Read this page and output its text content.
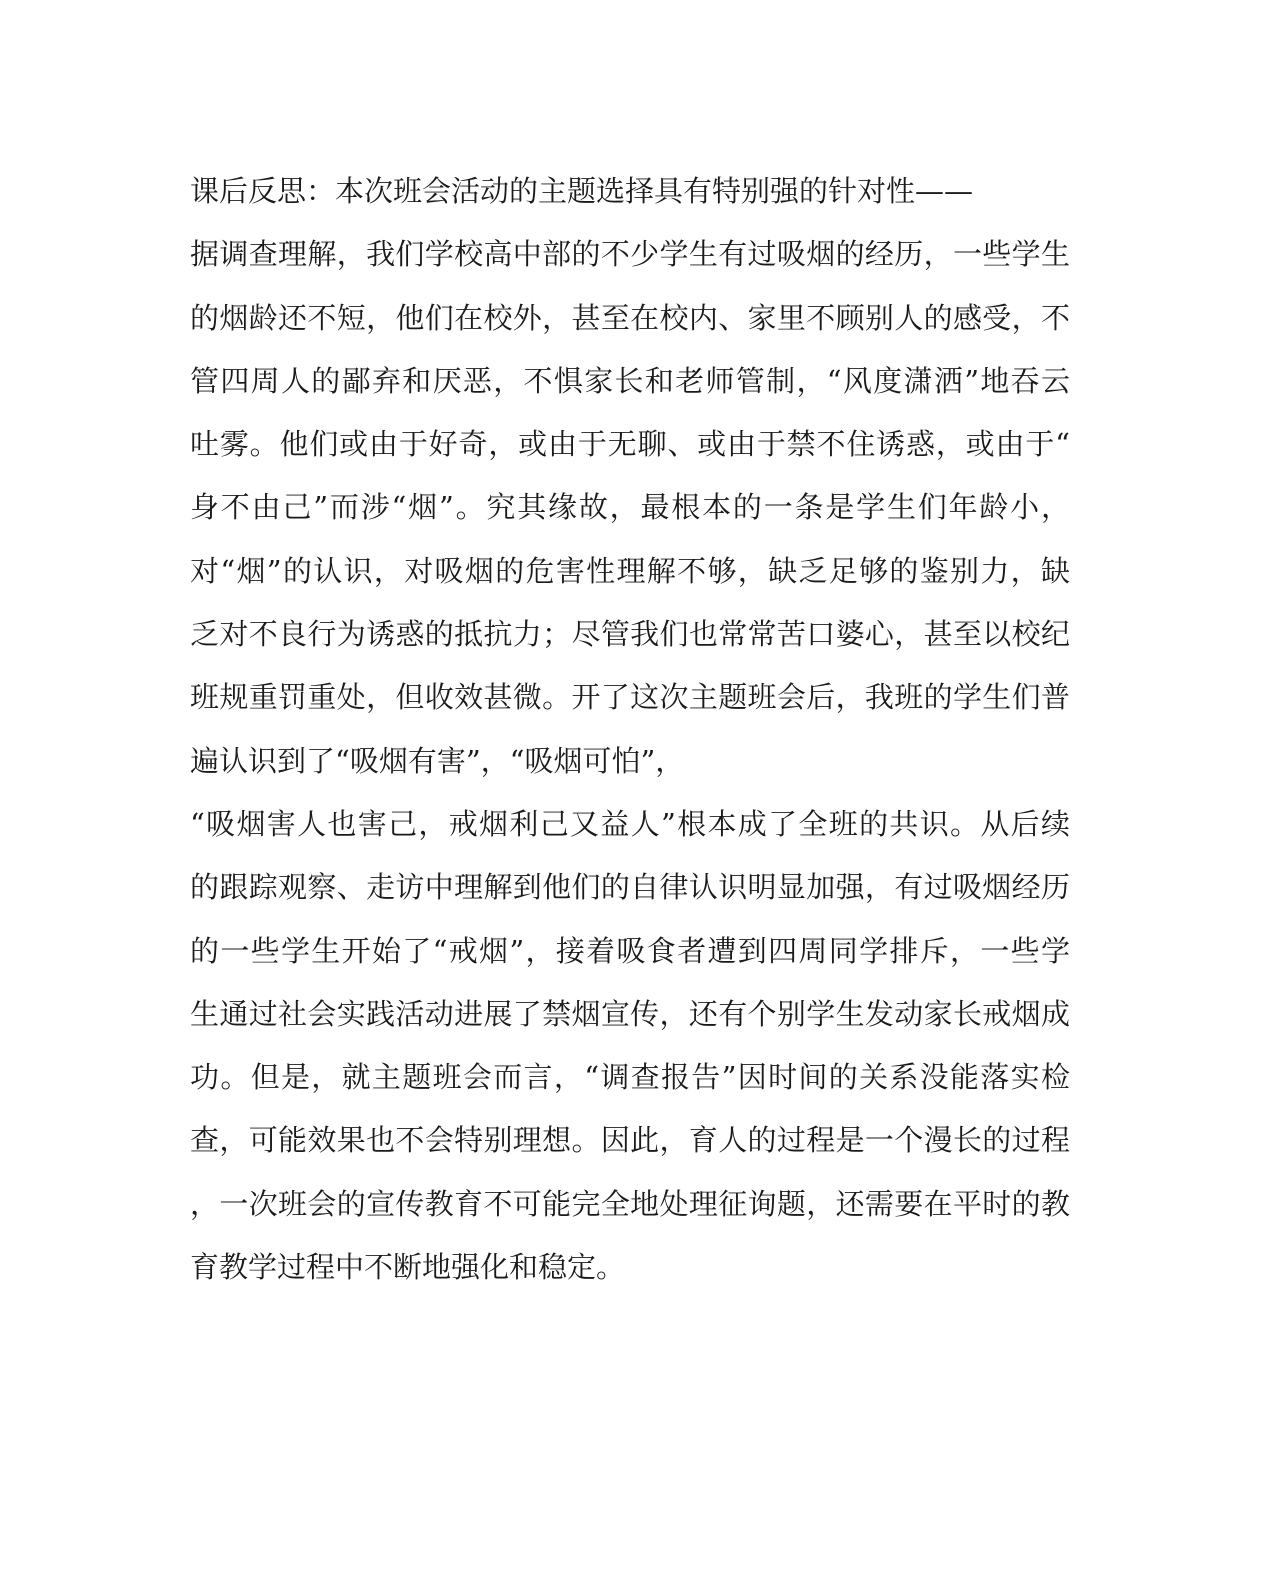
课后反思：本次班会活动的主题选择具有特别强的针对性——
据调查理解，我们学校高中部的不少学生有过吸烟的经历，一些学生
的烟龄还不短，他们在校外，甚至在校内、家里不顾别人的感受，不
管四周人的鄙弃和厌恶，不惧家长和老师管制，“风度潇洒”地吞云
吐雾。他们或由于好奇，或由于无聊、或由于禁不住诱惑，或由于“
身不由己”而涉“烟”。究其缘故，最根本的一条是学生们年龄小，
对“烟”的认识，对吸烟的危害性理解不够，缺乏足够的鉴别力，缺
乏对不良行为诱惑的抵抗力；尽管我们也常常苦口婆心，甚至以校纪
班规重罚重处，但收效甚微。开了这次主题班会后，我班的学生们普
遍认识到了“吸烟有害”，“吸烟可怕”，
“吸烟害人也害己，戒烟利己又益人”根本成了全班的共识。从后续
的跟踪观察、走访中理解到他们的自律认识明显加强，有过吸烟经历
的一些学生开始了“戒烟”，接着吸食者遭到四周同学排斥，一些学
生通过社会实践活动进展了禁烟宣传，还有个别学生发动家长戒烟成
功。但是，就主题班会而言，“调查报告”因时间的关系没能落实检
查，可能效果也不会特别理想。因此，育人的过程是一个漫长的过程
，一次班会的宣传教育不可能完全地处理征询题，还需要在平时的教
育教学过程中不断地强化和稳定。
